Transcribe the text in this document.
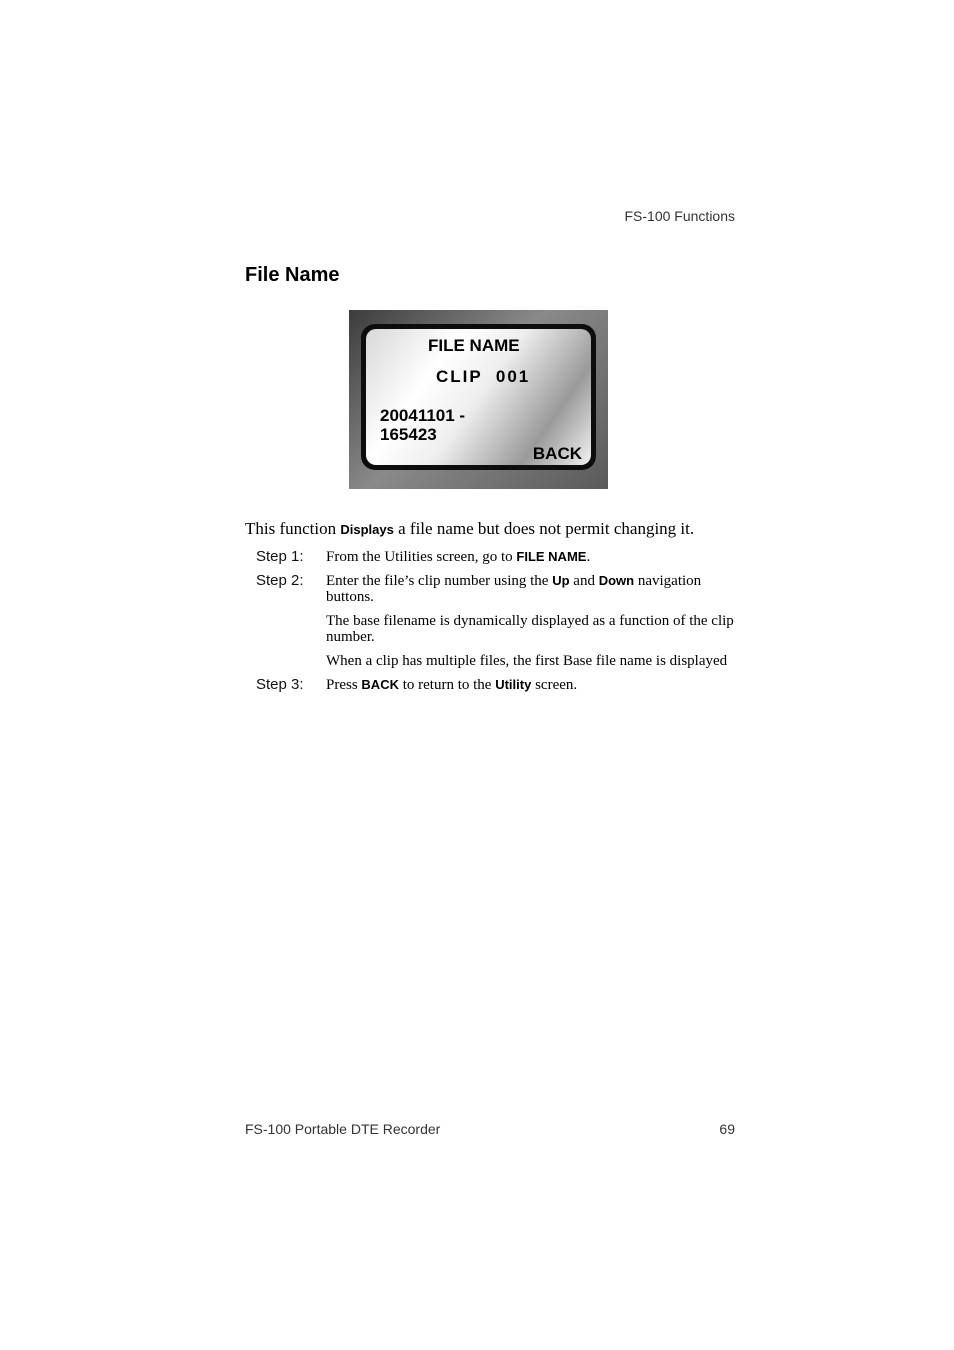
FS-100 Functions
File Name
FILE NAME
CLIP  001
20041101 - 165423
BACK

This function Displays a file name but does not permit changing it.

Step 1: From the Utilities screen, go to FILE NAME.

Step 2: Enter the file’s clip number using the Up and Down navigation buttons.

The base filename is dynamically displayed as a function of the clip number.

When a clip has multiple files, the first Base file name is displayed

Step 3: Press BACK to return to the Utility screen.

FS-100 Portable DTE Recorder	69
